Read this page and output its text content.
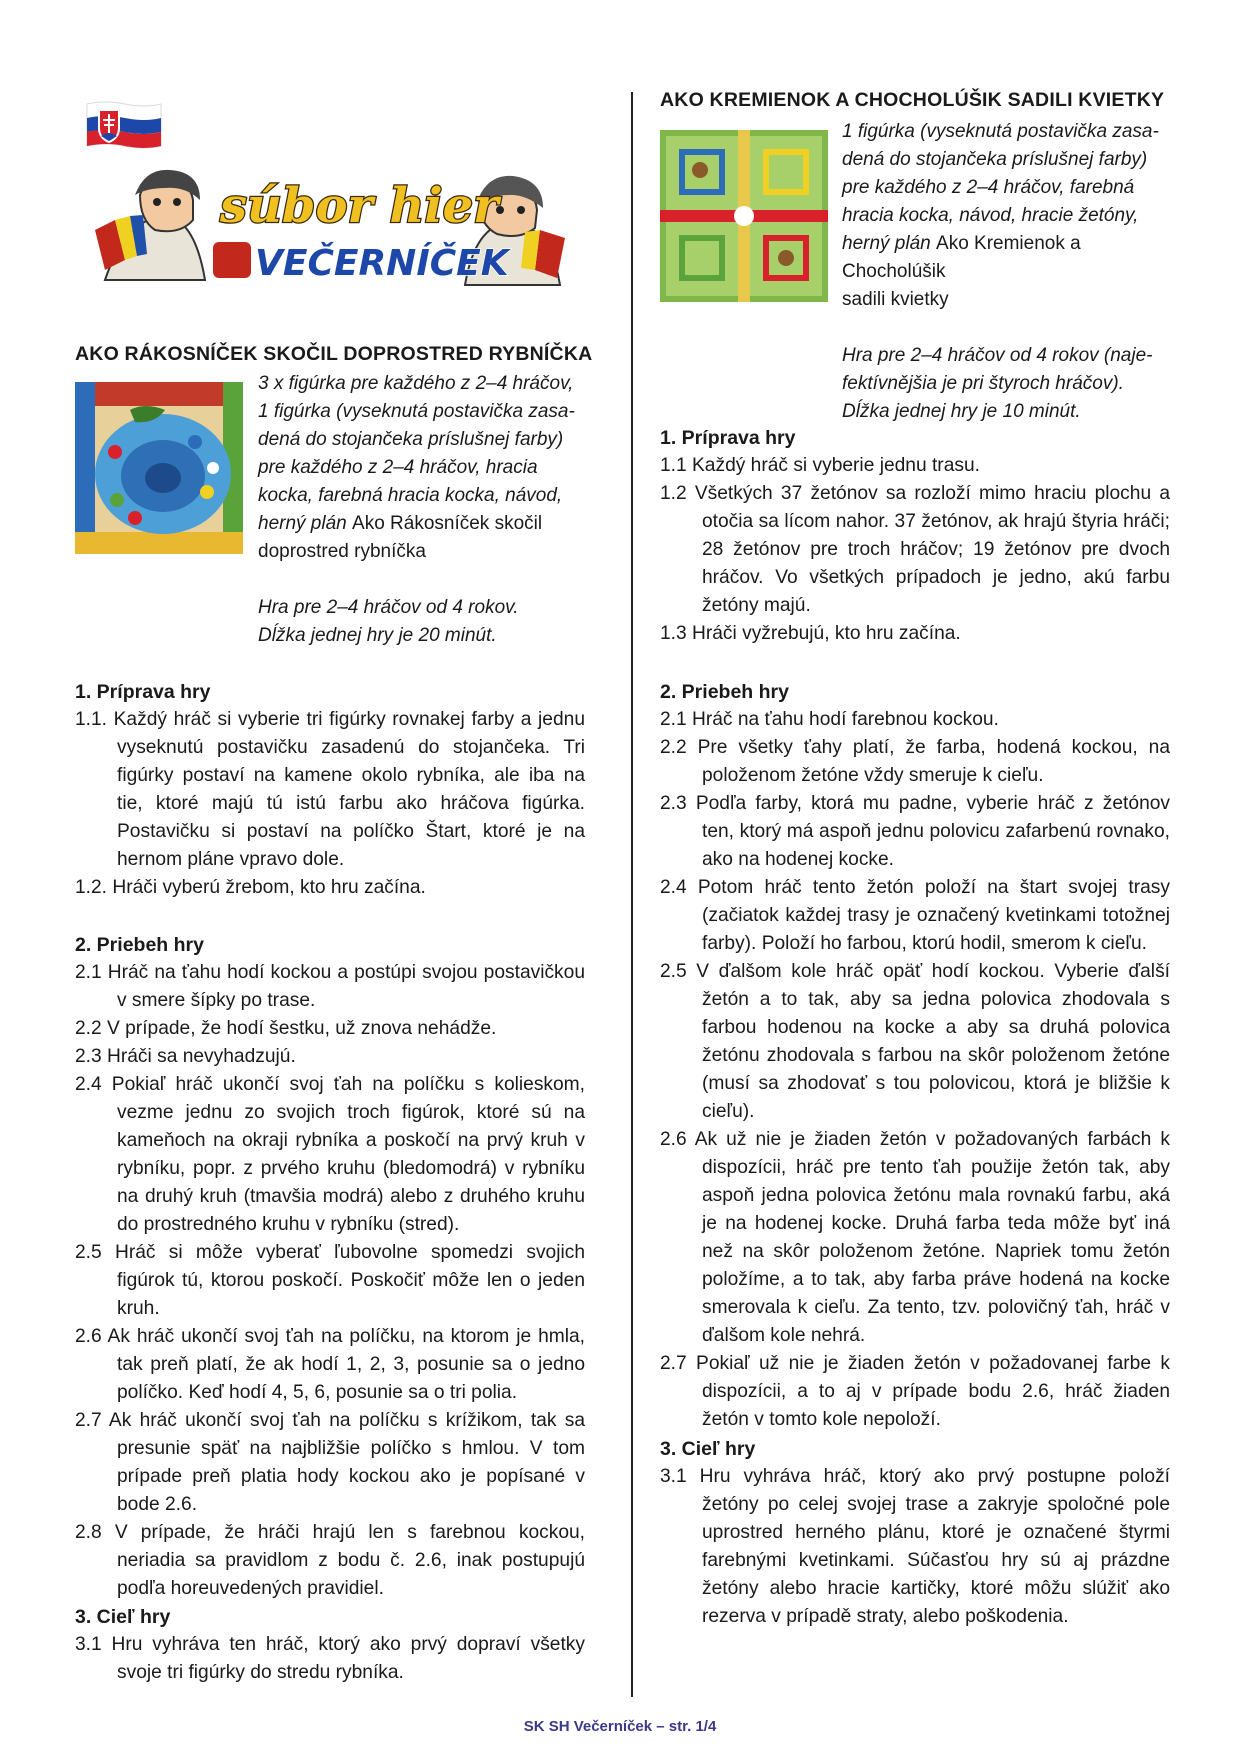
súbor hier
VEČERNÍČEK
AKO RÁKOSNÍČEK SKOČIL DOPROSTRED RYBNÍČKA

3 x figúrka pre každého z 2–4 hráčov,

1 figúrka (vyseknutá postavička zasa-

dená do stojančeka príslušnej farby)

pre každého z 2–4 hráčov, hracia

kocka, farebná hracia kocka, návod,

herný plán Ako Rákosníček skočil

doprostred rybníčka

Hra pre 2–4 hráčov od 4 rokov.

Dĺžka jednej hry je 20 minút.

1. Príprava hry

1.1. Každý hráč si vyberie tri figúrky rovnakej farby a jednu vyseknutú postavičku zasadenú do stojančeka. Tri figúrky postaví na kamene okolo rybníka, ale iba na tie, ktoré majú tú istú farbu ako hráčova figúrka. Postavičku si postaví na políčko Štart, ktoré je na hernom pláne vpravo dole.

1.2. Hráči vyberú žrebom, kto hru začína.

2. Priebeh hry

2.1 Hráč na ťahu hodí kockou a postúpi svojou postavičkou v smere šípky po trase.

2.2 V prípade, že hodí šestku, už znova nehádže.

2.3 Hráči sa nevyhadzujú.

2.4 Pokiaľ hráč ukončí svoj ťah na políčku s kolieskom, vezme jednu zo svojich troch figúrok, ktoré sú na kameňoch na okraji rybníka a poskočí na prvý kruh v rybníku, popr. z prvého kruhu (bledomodrá) v rybníku na druhý kruh (tmavšia modrá) alebo z druhého kruhu do prostredného kruhu v rybníku (stred).

2.5 Hráč si môže vyberať ľubovolne spomedzi svojich figúrok tú, ktorou poskočí. Poskočiť môže len o jeden kruh.

2.6 Ak hráč ukončí svoj ťah na políčku, na ktorom je hmla, tak preň platí, že ak hodí 1, 2, 3, posunie sa o jedno políčko. Keď hodí 4, 5, 6, posunie sa o tri polia.

2.7 Ak hráč ukončí svoj ťah na políčku s krížikom, tak sa presunie späť na najbližšie políčko s hmlou. V tom prípade preň platia hody kockou ako je popísané v bode 2.6.

2.8 V prípade, že hráči hrajú len s farebnou kockou, neriadia sa pravidlom z bodu č. 2.6, inak postupujú podľa horeuvedených pravidiel.

3. Cieľ hry

3.1 Hru vyhráva ten hráč, ktorý ako prvý dopraví všetky svoje tri figúrky do stredu rybníka.

AKO KREMIENOK A CHOCHOLÚŠIK SADILI KVIETKY

1 figúrka (vyseknutá postavička zasa-

dená do stojančeka príslušnej farby)

pre každého z 2–4 hráčov, farebná

hracia kocka, návod, hracie žetóny,

herný plán Ako Kremienok a Chocholúšik

sadili kvietky

Hra pre 2–4 hráčov od 4 rokov (naje-

fektívnějšia je pri štyroch hráčov).

Dĺžka jednej hry je 10 minút.

1. Príprava hry

1.1 Každý hráč si vyberie jednu trasu.

1.2 Všetkých 37 žetónov sa rozloží mimo hraciu plochu a otočia sa lícom nahor. 37 žetónov, ak hrajú štyria hráči; 28 žetónov pre troch hráčov; 19 žetónov pre dvoch hráčov. Vo všetkých prípadoch je jedno, akú farbu žetóny majú.

1.3 Hráči vyžrebujú, kto hru začína.

2. Priebeh hry

2.1 Hráč na ťahu hodí farebnou kockou.

2.2 Pre všetky ťahy platí, že farba, hodená kockou, na položenom žetóne vždy smeruje k cieľu.

2.3 Podľa farby, ktorá mu padne, vyberie hráč z žetónov ten, ktorý má aspoň jednu polovicu zafarbenú rovnako, ako na hodenej kocke.

2.4 Potom hráč tento žetón položí na štart svojej trasy (začiatok každej trasy je označený kvetinkami totožnej farby). Položí ho farbou, ktorú hodil, smerom k cieľu.

2.5 V ďalšom kole hráč opäť hodí kockou. Vyberie ďalší žetón a to tak, aby sa jedna polovica zhodovala s farbou hodenou na kocke a aby sa druhá polovica žetónu zhodovala s farbou na skôr položenom žetóne (musí sa zhodovať s tou polovicou, ktorá je bližšie k cieľu).

2.6 Ak už nie je žiaden žetón v požadovaných farbách k dispozícii, hráč pre tento ťah použije žetón tak, aby aspoň jedna polovica žetónu mala rovnakú farbu, aká je na hodenej kocke. Druhá farba teda môže byť iná než na skôr položenom žetóne. Napriek tomu žetón položíme, a to tak, aby farba práve hodená na kocke smerovala k cieľu. Za tento, tzv. polovičný ťah, hráč v ďalšom kole nehrá.

2.7 Pokiaľ už nie je žiaden žetón v požadovanej farbe k dispozícii, a to aj v prípade bodu 2.6, hráč žiaden žetón v tomto kole nepoloží.

3. Cieľ hry

3.1 Hru vyhráva hráč, ktorý ako prvý postupne položí žetóny po celej svojej trase a zakryje spoločné pole uprostred herného plánu, ktoré je označené štyrmi farebnými kvetinkami. Súčasťou hry sú aj prázdne žetóny alebo hracie kartičky, ktoré môžu slúžiť ako rezerva v prípadě straty, alebo poškodenia.

SK SH Večerníček – str. 1/4
